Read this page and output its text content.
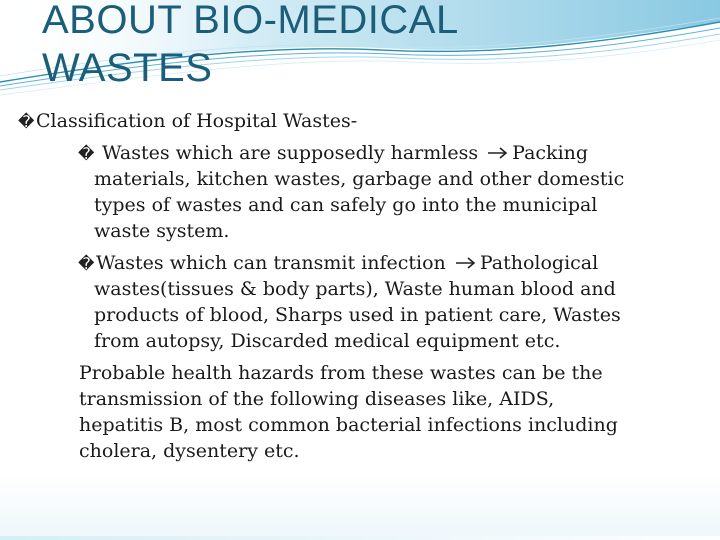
ABOUT BIO-MEDICAL
WASTES
�Classification of Hospital Wastes-
� Wastes which are supposedly harmless Packing
materials, kitchen wastes, garbage and other domestic
types of wastes and can safely go into the municipal
waste system.
�Wastes which can transmit infection Pathological
wastes(tissues & body parts), Waste human blood and
products of blood, Sharps used in patient care, Wastes
from autopsy, Discarded medical equipment etc.
Probable health hazards from these wastes can be the
transmission of the following diseases like, AIDS,
hepatitis B, most common bacterial infections including
cholera, dysentery etc.
